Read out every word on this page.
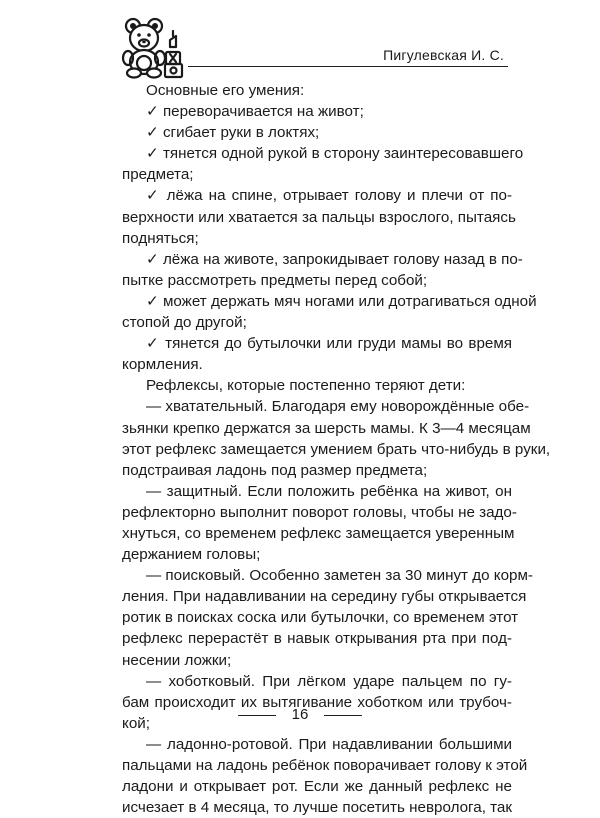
Пигулевская И. С.
Основные его умения:
✓ переворачивается на живот;
✓ сгибает руки в локтях;
✓ тянется одной рукой в сторону заинтересовавшего
предмета;
✓ лёжа на спине, отрывает голову и плечи от по-
верхности или хватается за пальцы взрослого, пытаясь
подняться;
✓ лёжа на животе, запрокидывает голову назад в по-
пытке рассмотреть предметы перед собой;
✓ может держать мяч ногами или дотрагиваться одной
стопой до другой;
✓ тянется до бутылочки или груди мамы во время
кормления.
Рефлексы, которые постепенно теряют дети:
— хватательный. Благодаря ему новорождённые обе-
зьянки крепко держатся за шерсть мамы. К 3—4 месяцам
этот рефлекс замещается умением брать что-нибудь в руки,
подстраивая ладонь под размер предмета;
— защитный. Если положить ребёнка на живот, он
рефлекторно выполнит поворот головы, чтобы не задо-
хнуться, со временем рефлекс замещается уверенным
держанием головы;
— поисковый. Особенно заметен за 30 минут до корм-
ления. При надавливании на середину губы открывается
ротик в поисках соска или бутылочки, со временем этот
рефлекс перерастёт в навык открывания рта при под-
несении ложки;
— хоботковый. При лёгком ударе пальцем по гу-
бам происходит их вытягивание хоботком или трубоч-
кой;
— ладонно-ротовой. При надавливании большими
пальцами на ладонь ребёнок поворачивает голову к этой
ладони и открывает рот. Если же данный рефлекс не
исчезает в 4 месяца, то лучше посетить невролога, так
16
